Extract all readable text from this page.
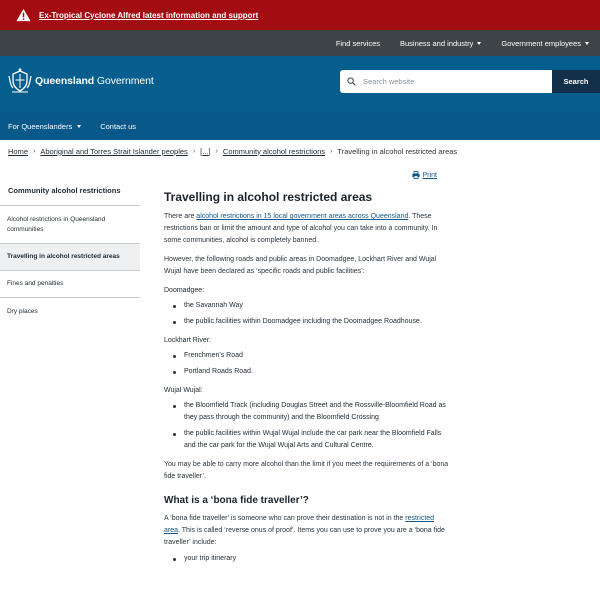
Ex-Tropical Cyclone Alfred latest information and support
Find services	Business and industry	Government employees
Queensland Government
Search website	Search
For Queenslanders	Contact us
Home › Aboriginal and Torres Strait Islander peoples › [...] › Community alcohol restrictions › Travelling in alcohol restricted areas
Community alcohol restrictions
Alcohol restrictions in Queensland communities
Travelling in alcohol restricted areas
Fines and penalties
Dry places
Print
Travelling in alcohol restricted areas

There are alcohol restrictions in 15 local government areas across Queensland. These restrictions ban or limit the amount and type of alcohol you can take into a community. In some communities, alcohol is completely banned.

However, the following roads and public areas in Doomadgee, Lockhart River and Wujal Wujal have been declared as ‘specific roads and public facilities’:

Doomadgee:

the Savannah Way
the public facilities within Doomadgee including the Doomadgee Roadhouse.

Lockhart River:

Frenchmen's Road
Portland Roads Road.

Wujal Wujal:

the Bloomfield Track (including Douglas Street and the Rossville-Bloomfield Road as they pass through the community) and the Bloomfield Crossing
the public facilities within Wujal Wujal include the car park near the Bloomfield Falls and the car park for the Wujal Wujal Arts and Cultural Centre.

You may be able to carry more alcohol than the limit if you meet the requirements of a ‘bona fide traveller’.

What is a ‘bona fide traveller’?

A ‘bona fide traveller’ is someone who can prove their destination is not in the restricted area. This is called ‘reverse onus of proof’. Items you can use to prove you are a ‘bona fide traveller’ include:

your trip itinerary
